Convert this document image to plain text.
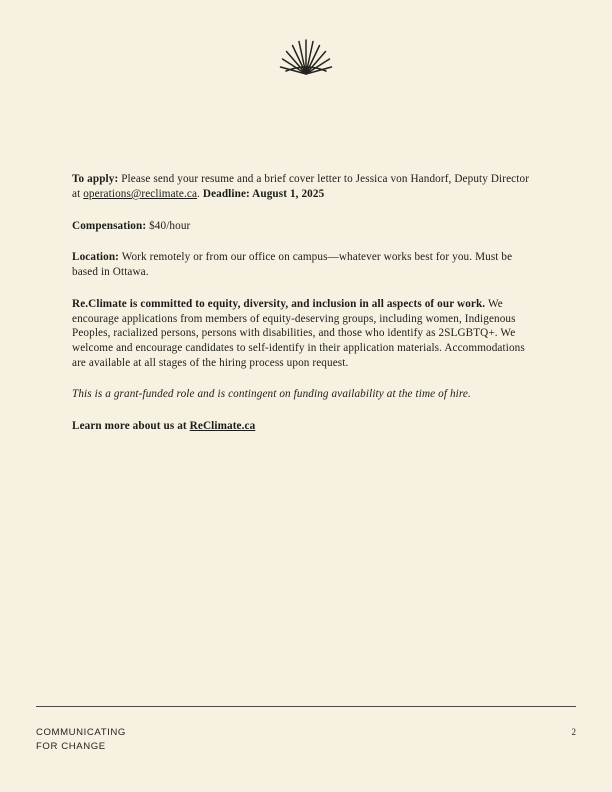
To apply: Please send your resume and a brief cover letter to Jessica von Handorf, Deputy Director at operations@reclimate.ca. Deadline: August 1, 2025

Compensation: $40/hour

Location: Work remotely or from our office on campus—whatever works best for you. Must be based in Ottawa.

Re.Climate is committed to equity, diversity, and inclusion in all aspects of our work. We encourage applications from members of equity-deserving groups, including women, Indigenous Peoples, racialized persons, persons with disabilities, and those who identify as 2SLGBTQ+. We welcome and encourage candidates to self-identify in their application materials. Accommodations are available at all stages of the hiring process upon request.

This is a grant-funded role and is contingent on funding availability at the time of hire.

Learn more about us at ReClimate.ca

COMMUNICATING
FOR CHANGE
2
